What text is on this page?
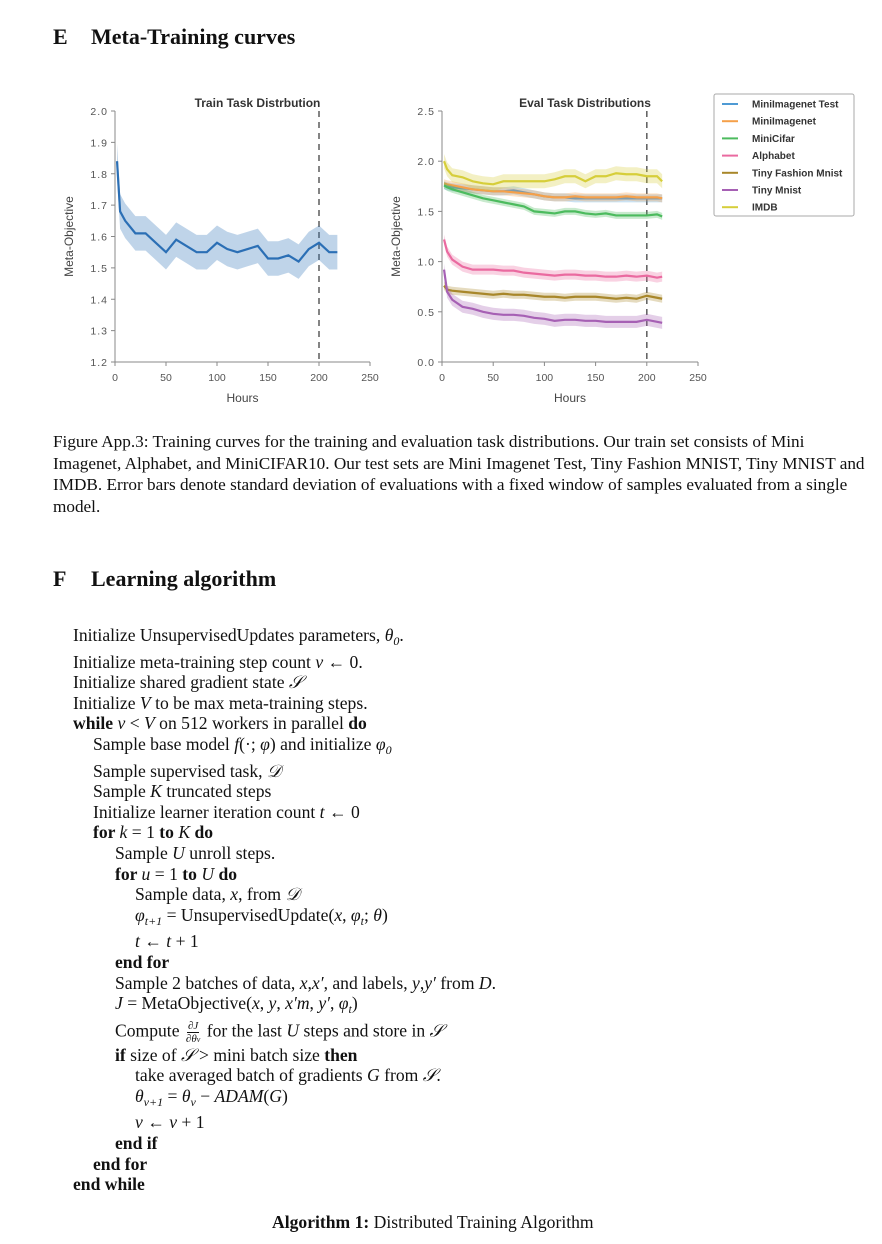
E Meta-Training curves
1.2
1.3
1.4
1.5
1.6
1.7
1.8
1.9
2.0
0	50	100	150	200	250
Train Task Distrbution
Hours
Meta-Objective
0.0
0.5
1.0
1.5
2.0
2.5
0	50	100	150	200	250
Eval Task Distributions
Hours
Meta-Objective
MiniImagenet Test
MiniImagenet
MiniCifar
Alphabet
Tiny Fashion Mnist
Tiny Mnist
IMDB
Figure App.3: Training curves for the training and evaluation task distributions. Our train set consists of Mini Imagenet, Alphabet, and MiniCIFAR10. Our test sets are Mini Imagenet Test, Tiny Fashion MNIST, Tiny MNIST and IMDB. Error bars denote standard deviation of evaluations with a fixed window of samples evaluated from a single model.
F Learning algorithm
Initialize UnsupervisedUpdates parameters, $\theta_0$.
Initialize meta-training step count v ← 0.
Initialize shared gradient state 𝒮
Initialize V to be max meta-training steps.
while v < V on 512 workers in parallel do
Sample base model f(·; φ) and initialize $\varphi_0$
Sample supervised task, 𝒟
Sample K truncated steps
Initialize learner iteration count t ← 0
for k = 1 to K do
Sample U unroll steps.
for u = 1 to U do
Sample data, x, from 𝒟
$\varphi_{t+1}$ = UnsupervisedUpdate(x, $\varphi_t$; θ)
t ← t + 1
end for
Sample 2 batches of data, x,x′, and labels, y,y′ from D.
J = MetaObjective(x, y, x′m, y′, $\varphi_t$)
Compute $\frac{\partial J}{\partial\theta v}$ for the last U steps and store in 𝒮
if size of 𝒮 > mini batch size then
take averaged batch of gradients G from 𝒮.
$\theta_{v+1} = \theta_v$ − ADAM(G)
v ← v + 1
end if
end for
end while
Algorithm 1: Distributed Training Algorithm
